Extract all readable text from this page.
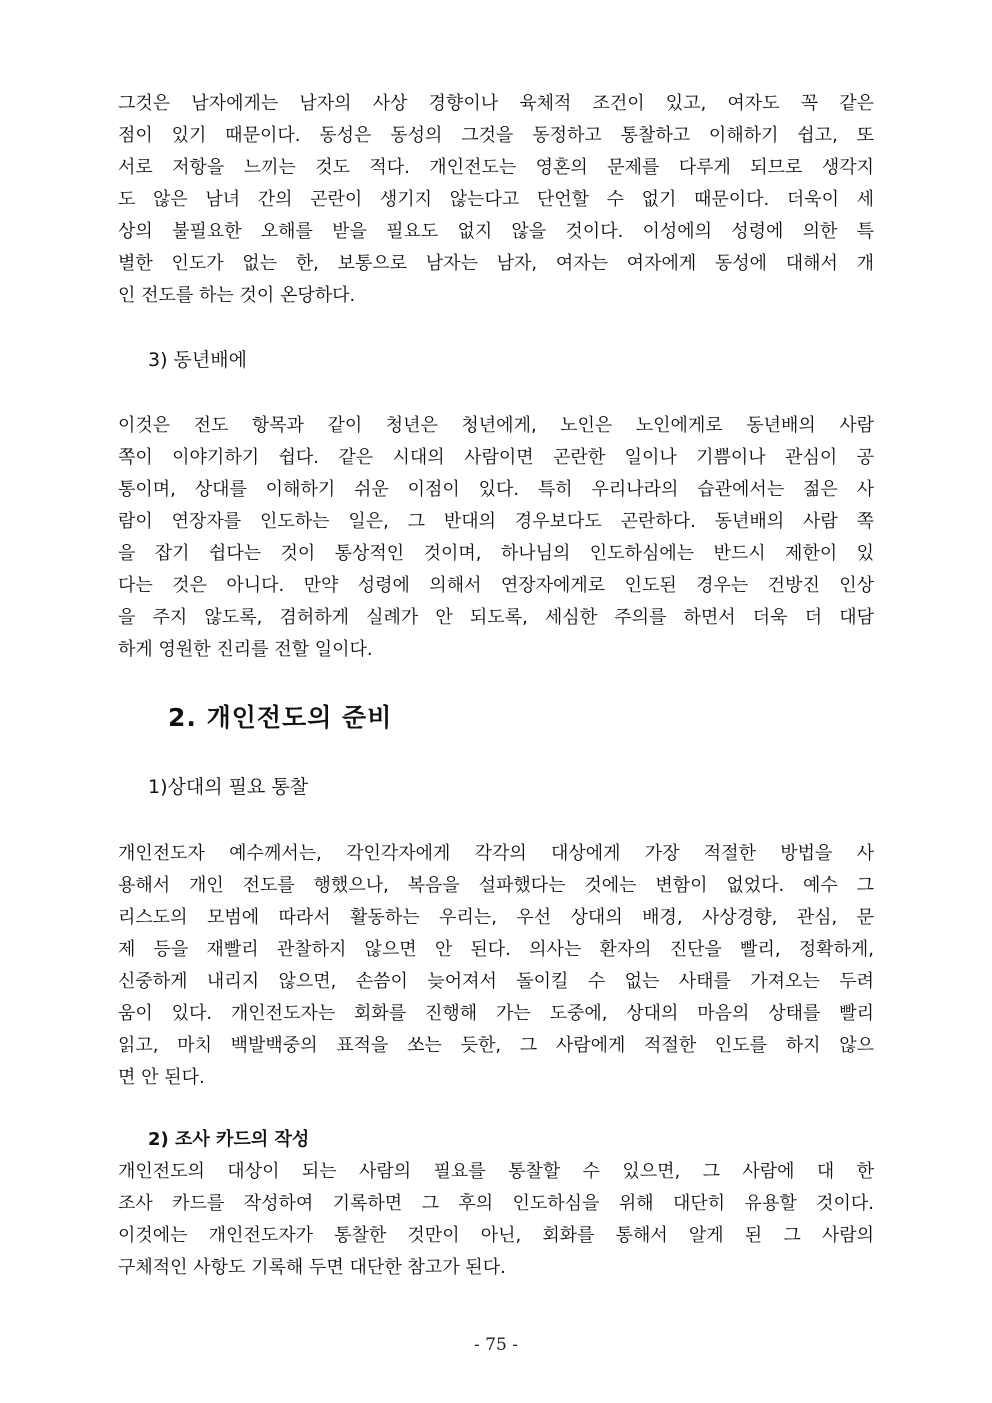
그것은 남자에게는 남자의 사상 경향이나 육체적 조건이 있고, 여자도 꼭 같은
점이 있기 때문이다. 동성은 동성의 그것을 동정하고 통찰하고 이해하기 쉽고, 또
서로 저항을 느끼는 것도 적다. 개인전도는 영혼의 문제를 다루게 되므로 생각지
도 않은 남녀 간의 곤란이 생기지 않는다고 단언할 수 없기 때문이다. 더욱이 세
상의 불필요한 오해를 받을 필요도 없지 않을 것이다. 이성에의 성령에 의한 특
별한 인도가 없는 한, 보통으로 남자는 남자, 여자는 여자에게 동성에 대해서 개
인 전도를 하는 것이 온당하다.
3) 동년배에
이것은 전도 항목과 같이 청년은 청년에게, 노인은 노인에게로 동년배의 사람
쪽이 이야기하기 쉽다. 같은 시대의 사람이면 곤란한 일이나 기쁨이나 관심이 공
통이며, 상대를 이해하기 쉬운 이점이 있다. 특히 우리나라의 습관에서는 젊은 사
람이 연장자를 인도하는 일은, 그 반대의 경우보다도 곤란하다. 동년배의 사람 쪽
을 잡기 쉽다는 것이 통상적인 것이며, 하나님의 인도하심에는 반드시 제한이 있
다는 것은 아니다. 만약 성령에 의해서 연장자에게로 인도된 경우는 건방진 인상
을 주지 않도록, 겸허하게 실례가 안 되도록, 세심한 주의를 하면서 더욱 더 대담
하게 영원한 진리를 전할 일이다.
2. 개인전도의 준비
1)상대의 필요 통찰
개인전도자 예수께서는, 각인각자에게 각각의 대상에게 가장 적절한 방법을 사
용해서 개인 전도를 행했으나, 복음을 설파했다는 것에는 변함이 없었다. 예수 그
리스도의 모범에 따라서 활동하는 우리는, 우선 상대의 배경, 사상경향, 관심, 문
제 등을 재빨리 관찰하지 않으면 안 된다. 의사는 환자의 진단을 빨리, 정확하게,
신중하게 내리지 않으면, 손씀이 늦어져서 돌이킬 수 없는 사태를 가져오는 두려
움이 있다. 개인전도자는 회화를 진행해 가는 도중에, 상대의 마음의 상태를 빨리
읽고, 마치 백발백중의 표적을 쏘는 듯한, 그 사람에게 적절한 인도를 하지 않으
면 안 된다.
2) 조사 카드의 작성
개인전도의 대상이 되는 사람의 필요를 통찰할 수 있으면, 그 사람에 대 한
조사 카드를 작성하여 기록하면 그 후의 인도하심을 위해 대단히 유용할 것이다.
이것에는 개인전도자가 통찰한 것만이 아닌, 회화를 통해서 알게 된 그 사람의
구체적인 사항도 기록해 두면 대단한 참고가 된다.
- 75 -
